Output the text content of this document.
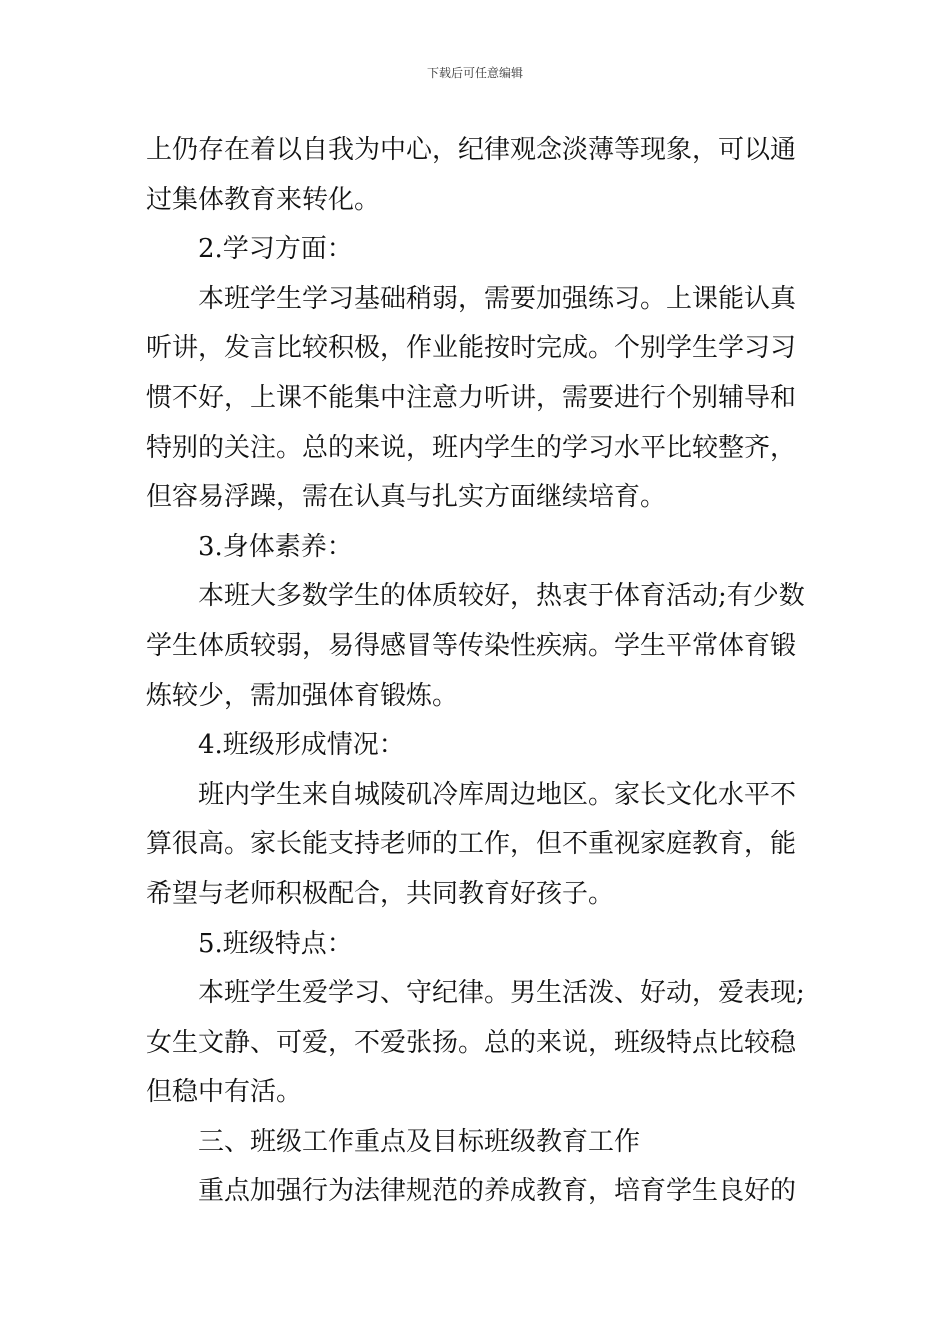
下载后可任意编辑
上仍存在着以自我为中心，纪律观念淡薄等现象，可以通
过集体教育来转化。
2.学习方面：
本班学生学习基础稍弱，需要加强练习。上课能认真
听讲，发言比较积极，作业能按时完成。个别学生学习习
惯不好，上课不能集中注意力听讲，需要进行个别辅导和
特别的关注。总的来说，班内学生的学习水平比较整齐，
但容易浮躁，需在认真与扎实方面继续培育。
3.身体素养：
本班大多数学生的体质较好，热衷于体育活动;有少数
学生体质较弱，易得感冒等传染性疾病。学生平常体育锻
炼较少，需加强体育锻炼。
4.班级形成情况：
班内学生来自城陵矶冷库周边地区。家长文化水平不
算很高。家长能支持老师的工作，但不重视家庭教育，能
希望与老师积极配合，共同教育好孩子。
5.班级特点：
本班学生爱学习、守纪律。男生活泼、好动，爱表现;
女生文静、可爱，不爱张扬。总的来说，班级特点比较稳
但稳中有活。
三、班级工作重点及目标班级教育工作
重点加强行为法律规范的养成教育，培育学生良好的
